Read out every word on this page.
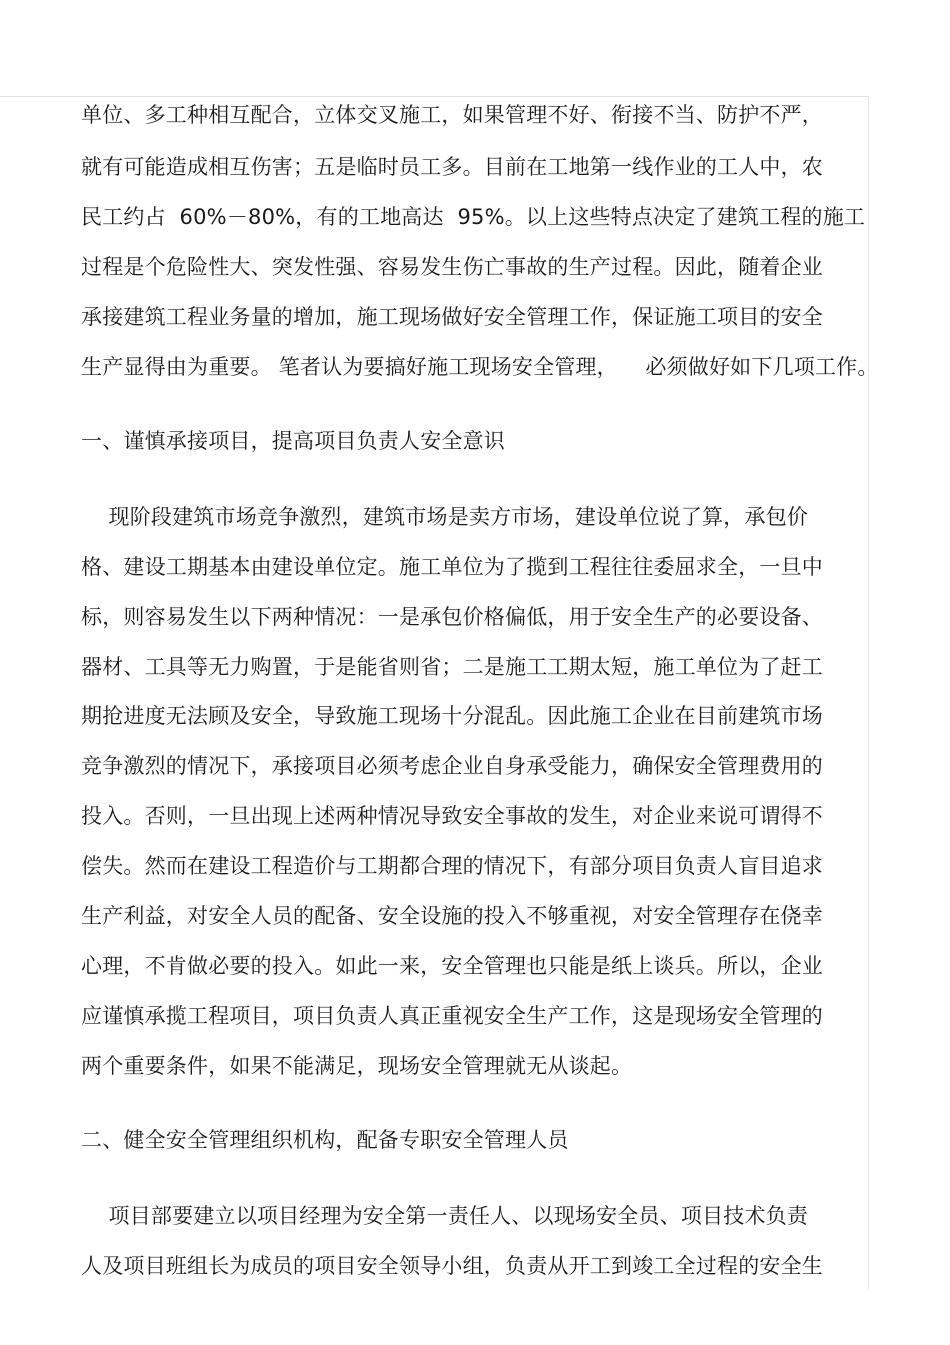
单位、多工种相互配合，立体交叉施工，如果管理不好、衔接不当、防护不严，
就有可能造成相互伤害；五是临时员工多。目前在工地第一线作业的工人中，农
民工约占  60%－80%，有的工地高达  95%。以上这些特点决定了建筑工程的施工
过程是个危险性大、突发性强、容易发生伤亡事故的生产过程。因此，随着企业
承接建筑工程业务量的增加，施工现场做好安全管理工作，保证施工项目的安全
生产显得由为重要。 笔者认为要搞好施工现场安全管理，    必须做好如下几项工作。
一、谨慎承接项目，提高项目负责人安全意识
现阶段建筑市场竞争激烈，建筑市场是卖方市场，建设单位说了算，承包价
格、建设工期基本由建设单位定。施工单位为了揽到工程往往委屈求全，一旦中
标，则容易发生以下两种情况：一是承包价格偏低，用于安全生产的必要设备、
器材、工具等无力购置，于是能省则省；二是施工工期太短，施工单位为了赶工
期抢进度无法顾及安全，导致施工现场十分混乱。因此施工企业在目前建筑市场
竞争激烈的情况下，承接项目必须考虑企业自身承受能力，确保安全管理费用的
投入。否则，一旦出现上述两种情况导致安全事故的发生，对企业来说可谓得不
偿失。然而在建设工程造价与工期都合理的情况下，有部分项目负责人盲目追求
生产利益，对安全人员的配备、安全设施的投入不够重视，对安全管理存在侥幸
心理，不肯做必要的投入。如此一来，安全管理也只能是纸上谈兵。所以，企业
应谨慎承揽工程项目，项目负责人真正重视安全生产工作，这是现场安全管理的
两个重要条件，如果不能满足，现场安全管理就无从谈起。
二、健全安全管理组织机构，配备专职安全管理人员
项目部要建立以项目经理为安全第一责任人、以现场安全员、项目技术负责
人及项目班组长为成员的项目安全领导小组，负责从开工到竣工全过程的安全生
